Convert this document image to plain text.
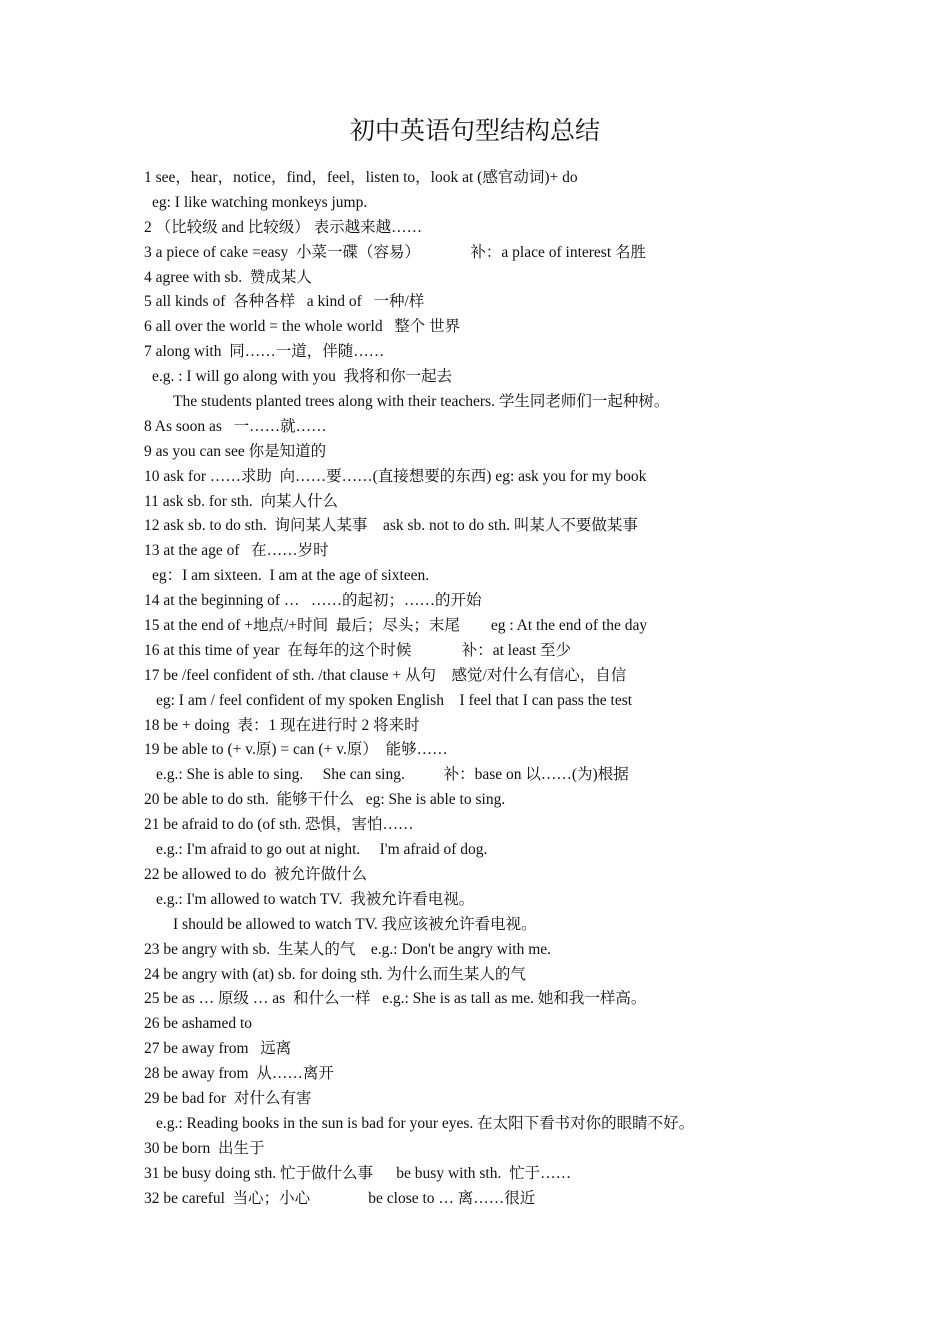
初中英语句型结构总结
1 see，hear，notice，find，feel，listen to，look at (感官动词)+ do
eg: I like watching monkeys jump.
2 （比较级 and 比较级） 表示越来越……
3 a piece of cake =easy  小菜一碟（容易）             补：a place of interest 名胜
4 agree with sb.  赞成某人
5 all kinds of  各种各样   a kind of   一种/样
6 all over the world = the whole world   整个 世界
7 along with  同……一道，伴随……
e.g. : I will go along with you  我将和你一起去
The students planted trees along with their teachers. 学生同老师们一起种树。
8 As soon as   一……就……
9 as you can see 你是知道的
10 ask for ……求助  向……要……(直接想要的东西) eg: ask you for my book
11 ask sb. for sth.  向某人什么
12 ask sb. to do sth.  询问某人某事    ask sb. not to do sth. 叫某人不要做某事
13 at the age of   在……岁时
eg：I am sixteen.  I am at the age of sixteen.
14 at the beginning of …   ……的起初；……的开始
15 at the end of +地点/+时间  最后；尽头；末尾        eg : At the end of the day
16 at this time of year  在每年的这个时候             补：at least 至少
17 be /feel confident of sth. /that clause + 从句    感觉/对什么有信心，自信
eg: I am / feel confident of my spoken English    I feel that I can pass the test
18 be + doing  表：1 现在进行时 2 将来时
19 be able to (+ v.原) = can (+ v.原）  能够……
e.g.: She is able to sing.     She can sing.          补：base on 以……(为)根据
20 be able to do sth.  能够干什么   eg: She is able to sing.
21 be afraid to do (of sth. 恐惧，害怕……
e.g.: I'm afraid to go out at night.     I'm afraid of dog.
22 be allowed to do  被允许做什么
e.g.: I'm allowed to watch TV.  我被允许看电视。
I should be allowed to watch TV. 我应该被允许看电视。
23 be angry with sb.  生某人的气    e.g.: Don't be angry with me.
24 be angry with (at) sb. for doing sth. 为什么而生某人的气
25 be as … 原级 … as  和什么一样   e.g.: She is as tall as me. 她和我一样高。
26 be ashamed to
27 be away from   远离
28 be away from  从……离开
29 be bad for  对什么有害
e.g.: Reading books in the sun is bad for your eyes. 在太阳下看书对你的眼睛不好。
30 be born  出生于
31 be busy doing sth. 忙于做什么事      be busy with sth.  忙于……
32 be careful  当心；小心               be close to … 离……很近
